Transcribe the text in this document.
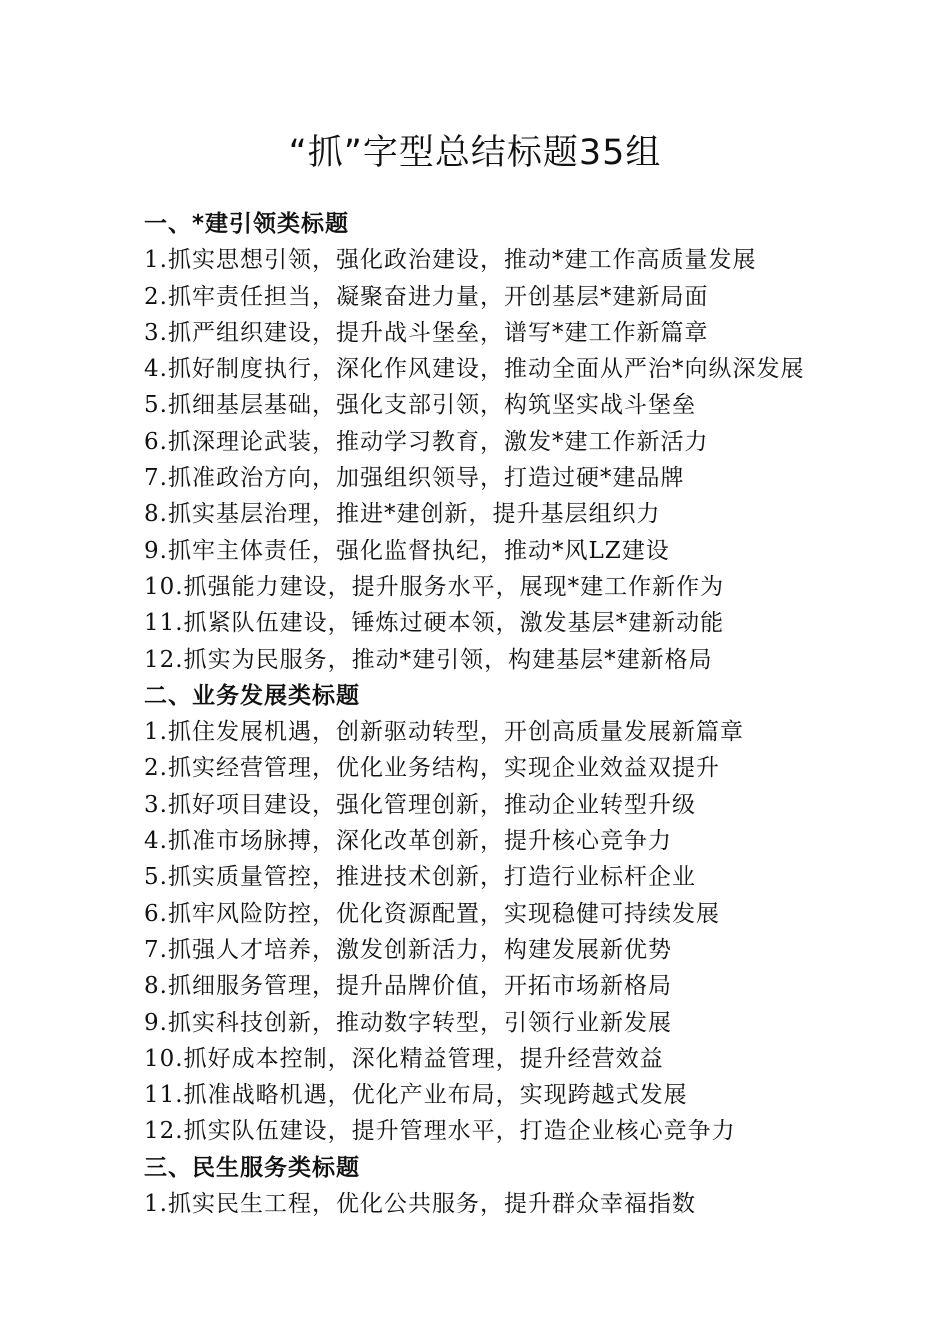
“抓”字型总结标题35组
一、*建引领类标题
1.抓实思想引领，强化政治建设，推动*建工作高质量发展
2.抓牢责任担当，凝聚奋进力量，开创基层*建新局面
3.抓严组织建设，提升战斗堡垒，谱写*建工作新篇章
4.抓好制度执行，深化作风建设，推动全面从严治*向纵深发展
5.抓细基层基础，强化支部引领，构筑坚实战斗堡垒
6.抓深理论武装，推动学习教育，激发*建工作新活力
7.抓准政治方向，加强组织领导，打造过硬*建品牌
8.抓实基层治理，推进*建创新，提升基层组织力
9.抓牢主体责任，强化监督执纪，推动*风LZ建设
10.抓强能力建设，提升服务水平，展现*建工作新作为
11.抓紧队伍建设，锤炼过硬本领，激发基层*建新动能
12.抓实为民服务，推动*建引领，构建基层*建新格局
二、业务发展类标题
1.抓住发展机遇，创新驱动转型，开创高质量发展新篇章
2.抓实经营管理，优化业务结构，实现企业效益双提升
3.抓好项目建设，强化管理创新，推动企业转型升级
4.抓准市场脉搏，深化改革创新，提升核心竞争力
5.抓实质量管控，推进技术创新，打造行业标杆企业
6.抓牢风险防控，优化资源配置，实现稳健可持续发展
7.抓强人才培养，激发创新活力，构建发展新优势
8.抓细服务管理，提升品牌价值，开拓市场新格局
9.抓实科技创新，推动数字转型，引领行业新发展
10.抓好成本控制，深化精益管理，提升经营效益
11.抓准战略机遇，优化产业布局，实现跨越式发展
12.抓实队伍建设，提升管理水平，打造企业核心竞争力
三、民生服务类标题
1.抓实民生工程，优化公共服务，提升群众幸福指数
